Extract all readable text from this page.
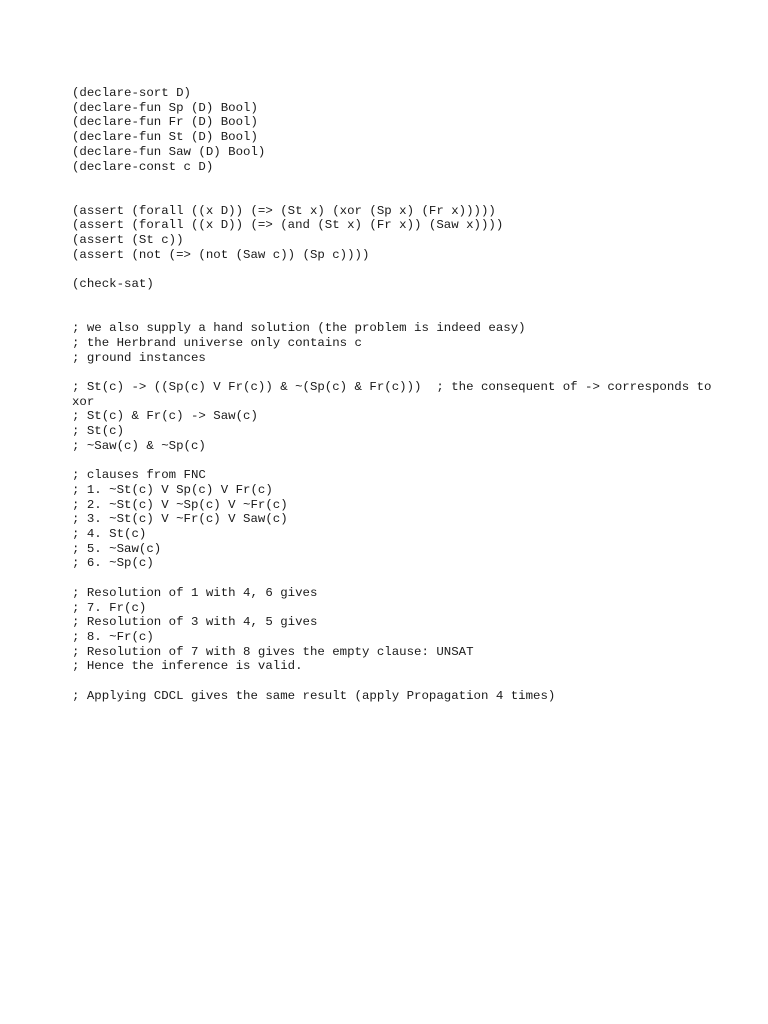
(declare-sort D)
(declare-fun Sp (D) Bool)
(declare-fun Fr (D) Bool)
(declare-fun St (D) Bool)
(declare-fun Saw (D) Bool)
(declare-const c D)
(assert (forall ((x D)) (=> (St x) (xor (Sp x) (Fr x)))))
(assert (forall ((x D)) (=> (and (St x) (Fr x)) (Saw x))))
(assert (St c))
(assert (not (=> (not (Saw c)) (Sp c))))
(check-sat)
; we also supply a hand solution (the problem is indeed easy)
; the Herbrand universe only contains c
; ground instances
; St(c) -> ((Sp(c) V Fr(c)) & ~(Sp(c) & Fr(c)))  ; the consequent of -> corresponds to xor
; St(c) & Fr(c) -> Saw(c)
; St(c)
; ~Saw(c) & ~Sp(c)
; clauses from FNC
; 1. ~St(c) V Sp(c) V Fr(c)
; 2. ~St(c) V ~Sp(c) V ~Fr(c)
; 3. ~St(c) V ~Fr(c) V Saw(c)
; 4. St(c)
; 5. ~Saw(c)
; 6. ~Sp(c)
; Resolution of 1 with 4, 6 gives
; 7. Fr(c)
; Resolution of 3 with 4, 5 gives
; 8. ~Fr(c)
; Resolution of 7 with 8 gives the empty clause: UNSAT
; Hence the inference is valid.
; Applying CDCL gives the same result (apply Propagation 4 times)
